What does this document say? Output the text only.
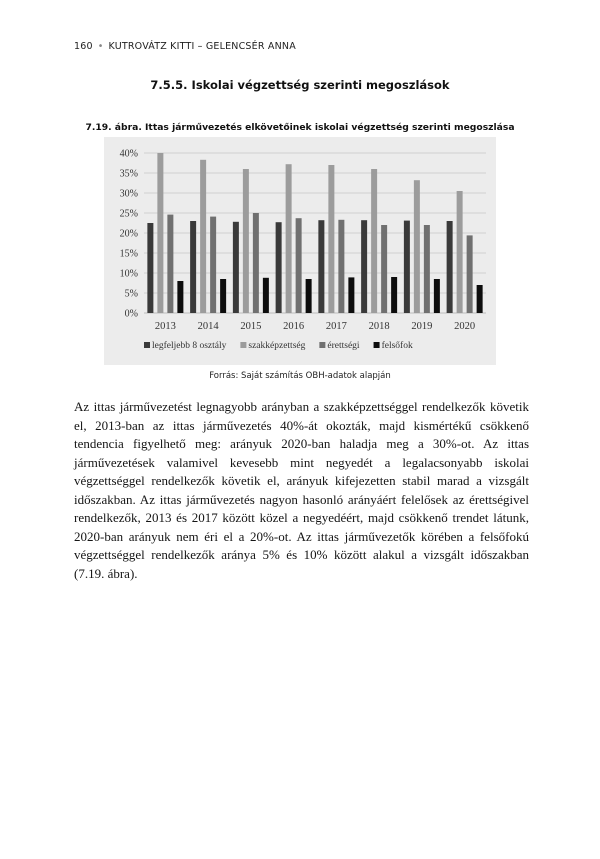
160 • KUTROVÁTZ KITTI – GELENCSÉR ANNA
7.5.5. Iskolai végzettség szerinti megoszlások
7.19. ábra. Ittas járművezetés elkövetőinek iskolai végzettség szerinti megoszlása
0%
5%
10%
15%
20%
25%
30%
35%
40%
2013 2014 2015 2016 2017 2018 2019 2020
legfeljebb 8 osztály szakképzettség érettségi felsőfok
Forrás: Saját számítás OBH-adatok alapján
Az ittas járművezetést legnagyobb arányban a szakképzettséggel rendelkezők követik el, 2013-ban az ittas járművezetés 40%-át okozták, majd kismértékű csökkenő tendencia figyelhető meg: arányuk 2020-ban haladja meg a 30%-ot. Az ittas járművezetések valamivel kevesebb mint negyedét a legalacsonyabb iskolai végzettséggel rendelkezők követik el, arányuk kifejezetten stabil marad a vizsgált időszakban. Az ittas járművezetés nagyon hasonló arányáért felelősek az érettségivel rendelkezők, 2013 és 2017 között közel a negyedéért, majd csökkenő trendet látunk, 2020-ban arányuk nem éri el a 20%-ot. Az ittas járművezetők körében a felsőfokú végzettséggel rendelkezők aránya 5% és 10% között alakul a vizsgált időszakban (7.19. ábra).
